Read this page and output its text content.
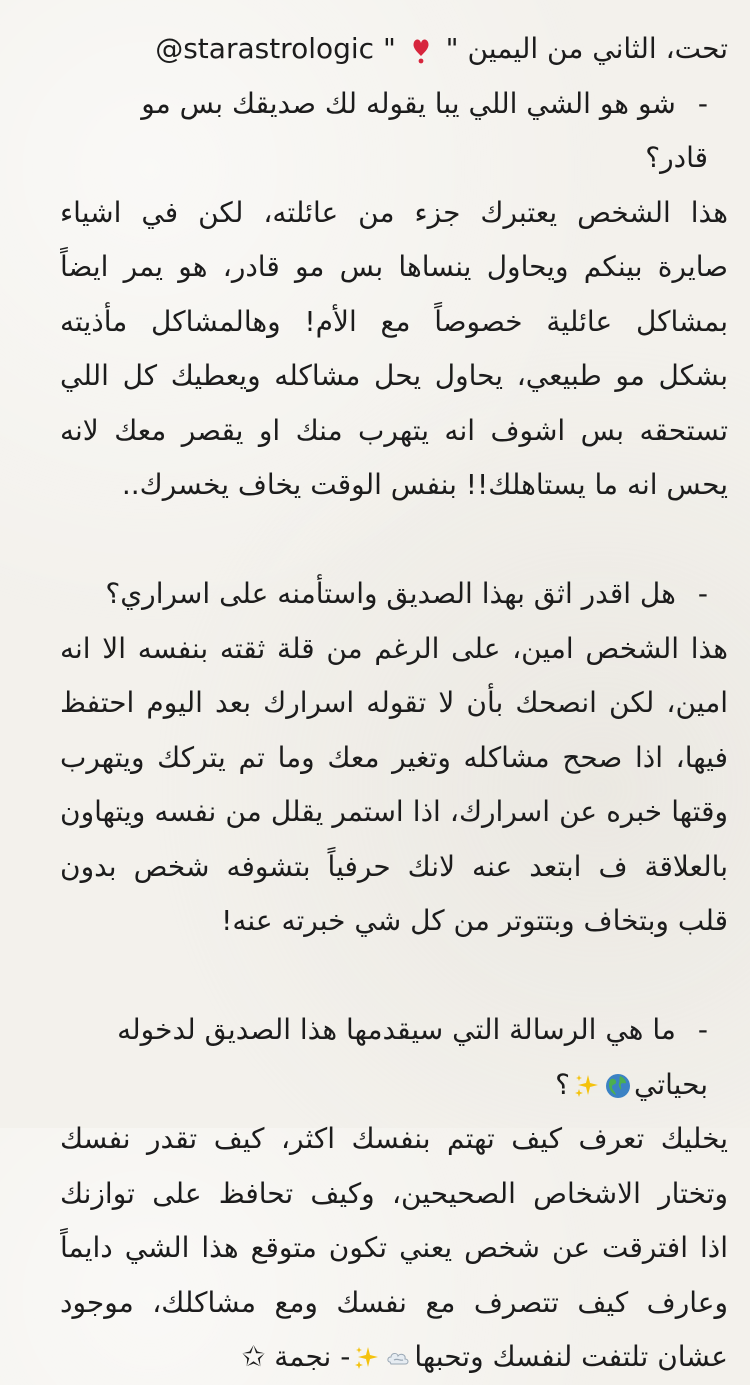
تحت، الثاني من اليمين "  " @starastrologic
-شو هو الشي اللي يبا يقوله لك صديقك بس مو
قادر؟
هذا الشخص يعتبرك جزء من عائلته، لكن في اشياء
صايرة بينكم ويحاول ينساها بس مو قادر، هو يمر ايضاً
بمشاكل عائلية خصوصاً مع الأم! وهالمشاكل مأذيته
بشكل مو طبيعي، يحاول يحل مشاكله ويعطيك كل اللي
تستحقه بس اشوف انه يتهرب منك او يقصر معك لانه
يحس انه ما يستاهلك!! بنفس الوقت يخاف يخسرك..
-هل اقدر اثق بهذا الصديق واستأمنه على اسراري؟
هذا الشخص امين، على الرغم من قلة ثقته بنفسه الا انه
امين، لكن انصحك بأن لا تقوله اسرارك بعد اليوم احتفظ
فيها، اذا صحح مشاكله وتغير معك وما تم يتركك ويتهرب
وقتها خبره عن اسرارك، اذا استمر يقلل من نفسه ويتهاون
بالعلاقة ف ابتعد عنه لانك حرفياً بتشوفه شخص بدون
قلب وبتخاف وبتتوتر من كل شي خبرته عنه!
-ما هي الرسالة التي سيقدمها هذا الصديق لدخوله
بحياتي؟
يخليك تعرف كيف تهتم بنفسك اكثر، كيف تقدر نفسك
وتختار الاشخاص الصحيحين، وكيف تحافظ على توازنك
اذا افترقت عن شخص يعني تكون متوقع هذا الشي دايماً
وعارف كيف تتصرف مع نفسك ومع مشاكلك، موجود
عشان تلتفت لنفسك وتحبها- نجمة ✩
